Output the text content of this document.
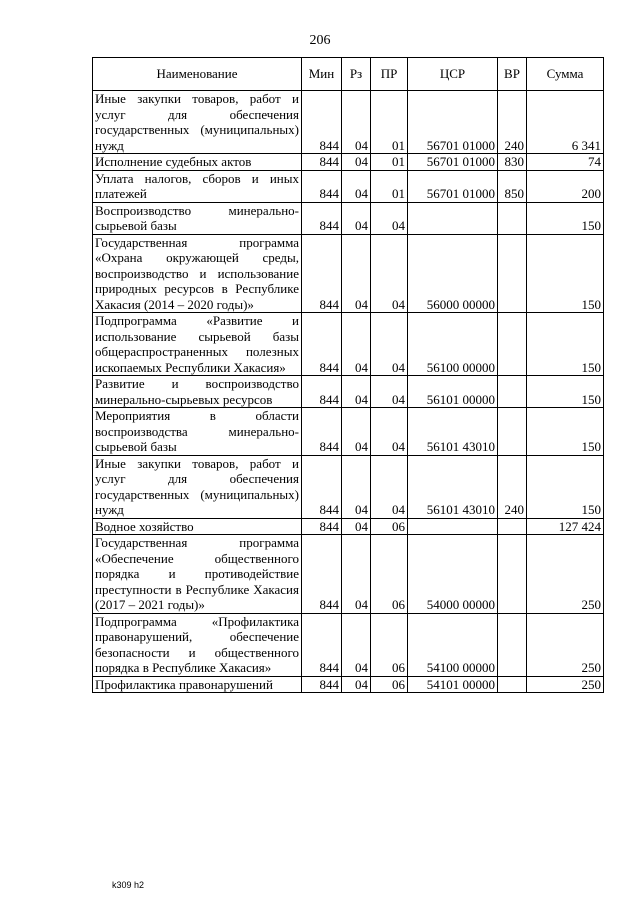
206
Наименование	Мин	Рз	ПР	ЦСР	ВР	Сумма
Иные закупки товаров, работ и услуг для обеспечения государственных (муниципальных) нужд	844	04	01	56701 01000	240	6 341
Исполнение судебных актов	844	04	01	56701 01000	830	74
Уплата налогов, сборов и иных платежей	844	04	01	56701 01000	850	200
Воспроизводство минерально-сырьевой базы	844	04	04			150
Государственная программа «Охрана окружающей среды, воспроизводство и использование природных ресурсов в Республике Хакасия (2014 – 2020 годы)»	844	04	04	56000 00000		150
Подпрограмма «Развитие и использование сырьевой базы общераспространенных полезных ископаемых Республики Хакасия»	844	04	04	56100 00000		150
Развитие и воспроизводство минерально-сырьевых ресурсов	844	04	04	56101 00000		150
Мероприятия в области воспроизводства минерально-сырьевой базы	844	04	04	56101 43010		150
Иные закупки товаров, работ и услуг для обеспечения государственных (муниципальных) нужд	844	04	04	56101 43010	240	150
Водное хозяйство	844	04	06			127 424
Государственная программа «Обеспечение общественного порядка и противодействие преступности в Республике Хакасия (2017 – 2021 годы)»	844	04	06	54000 00000		250
Подпрограмма «Профилактика правонарушений, обеспечение безопасности и общественного порядка в Республике Хакасия»	844	04	06	54100 00000		250
Профилактика правонарушений	844	04	06	54101 00000		250
k309 h2
